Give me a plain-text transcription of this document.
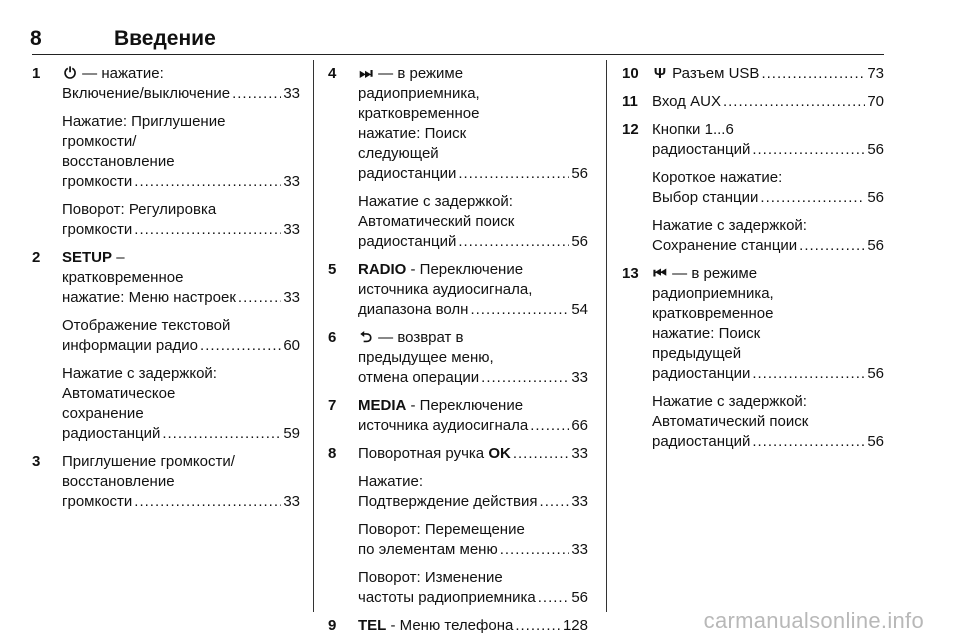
8	Введение
1 ⏻ — нажатие:
Включение/выключение .....	33
Нажатие: Приглушение
громкости/
восстановление
громкости .....	33
Поворот: Регулировка
громкости .....	33
2 SETUP –
кратковременное
нажатие: Меню настроек .....	33
Отображение текстовой
информации радио .....	60
Нажатие с задержкой:
Автоматическое
сохранение
радиостанций .....	59
3 Приглушение громкости/
восстановление
громкости .....	33
4 ⏭ — в режиме
радиоприемника,
кратковременное
нажатие: Поиск
следующей
радиостанции .....	56
Нажатие с задержкой:
Автоматический поиск
радиостанций .....	56
5 RADIO - Переключение
источника аудиосигнала,
диапазона волн .....	54
6 ⮌ — возврат в
предыдущее меню,
отмена операции .....	33
7 MEDIA - Переключение
источника аудиосигнала .....	66
8 Поворотная ручка OK .....	33
Нажатие:
Подтверждение действия ..... 33
Поворот: Перемещение
по элементам меню .....	33
Поворот: Изменение
частоты радиоприемника ..... 56
9 TEL - Меню телефона .....	128
10 Ψ Разъем USB .....	73
11 Вход AUX .....	70
12 Кнопки 1...6
радиостанций .....	56
Короткое нажатие:
Выбор станции .....	56
Нажатие с задержкой:
Сохранение станции .....	56
13 ⏮ — в режиме
радиоприемника,
кратковременное
нажатие: Поиск
предыдущей
радиостанции .....	56
Нажатие с задержкой:
Автоматический поиск
радиостанций .....	56
carmanualsonline.info
